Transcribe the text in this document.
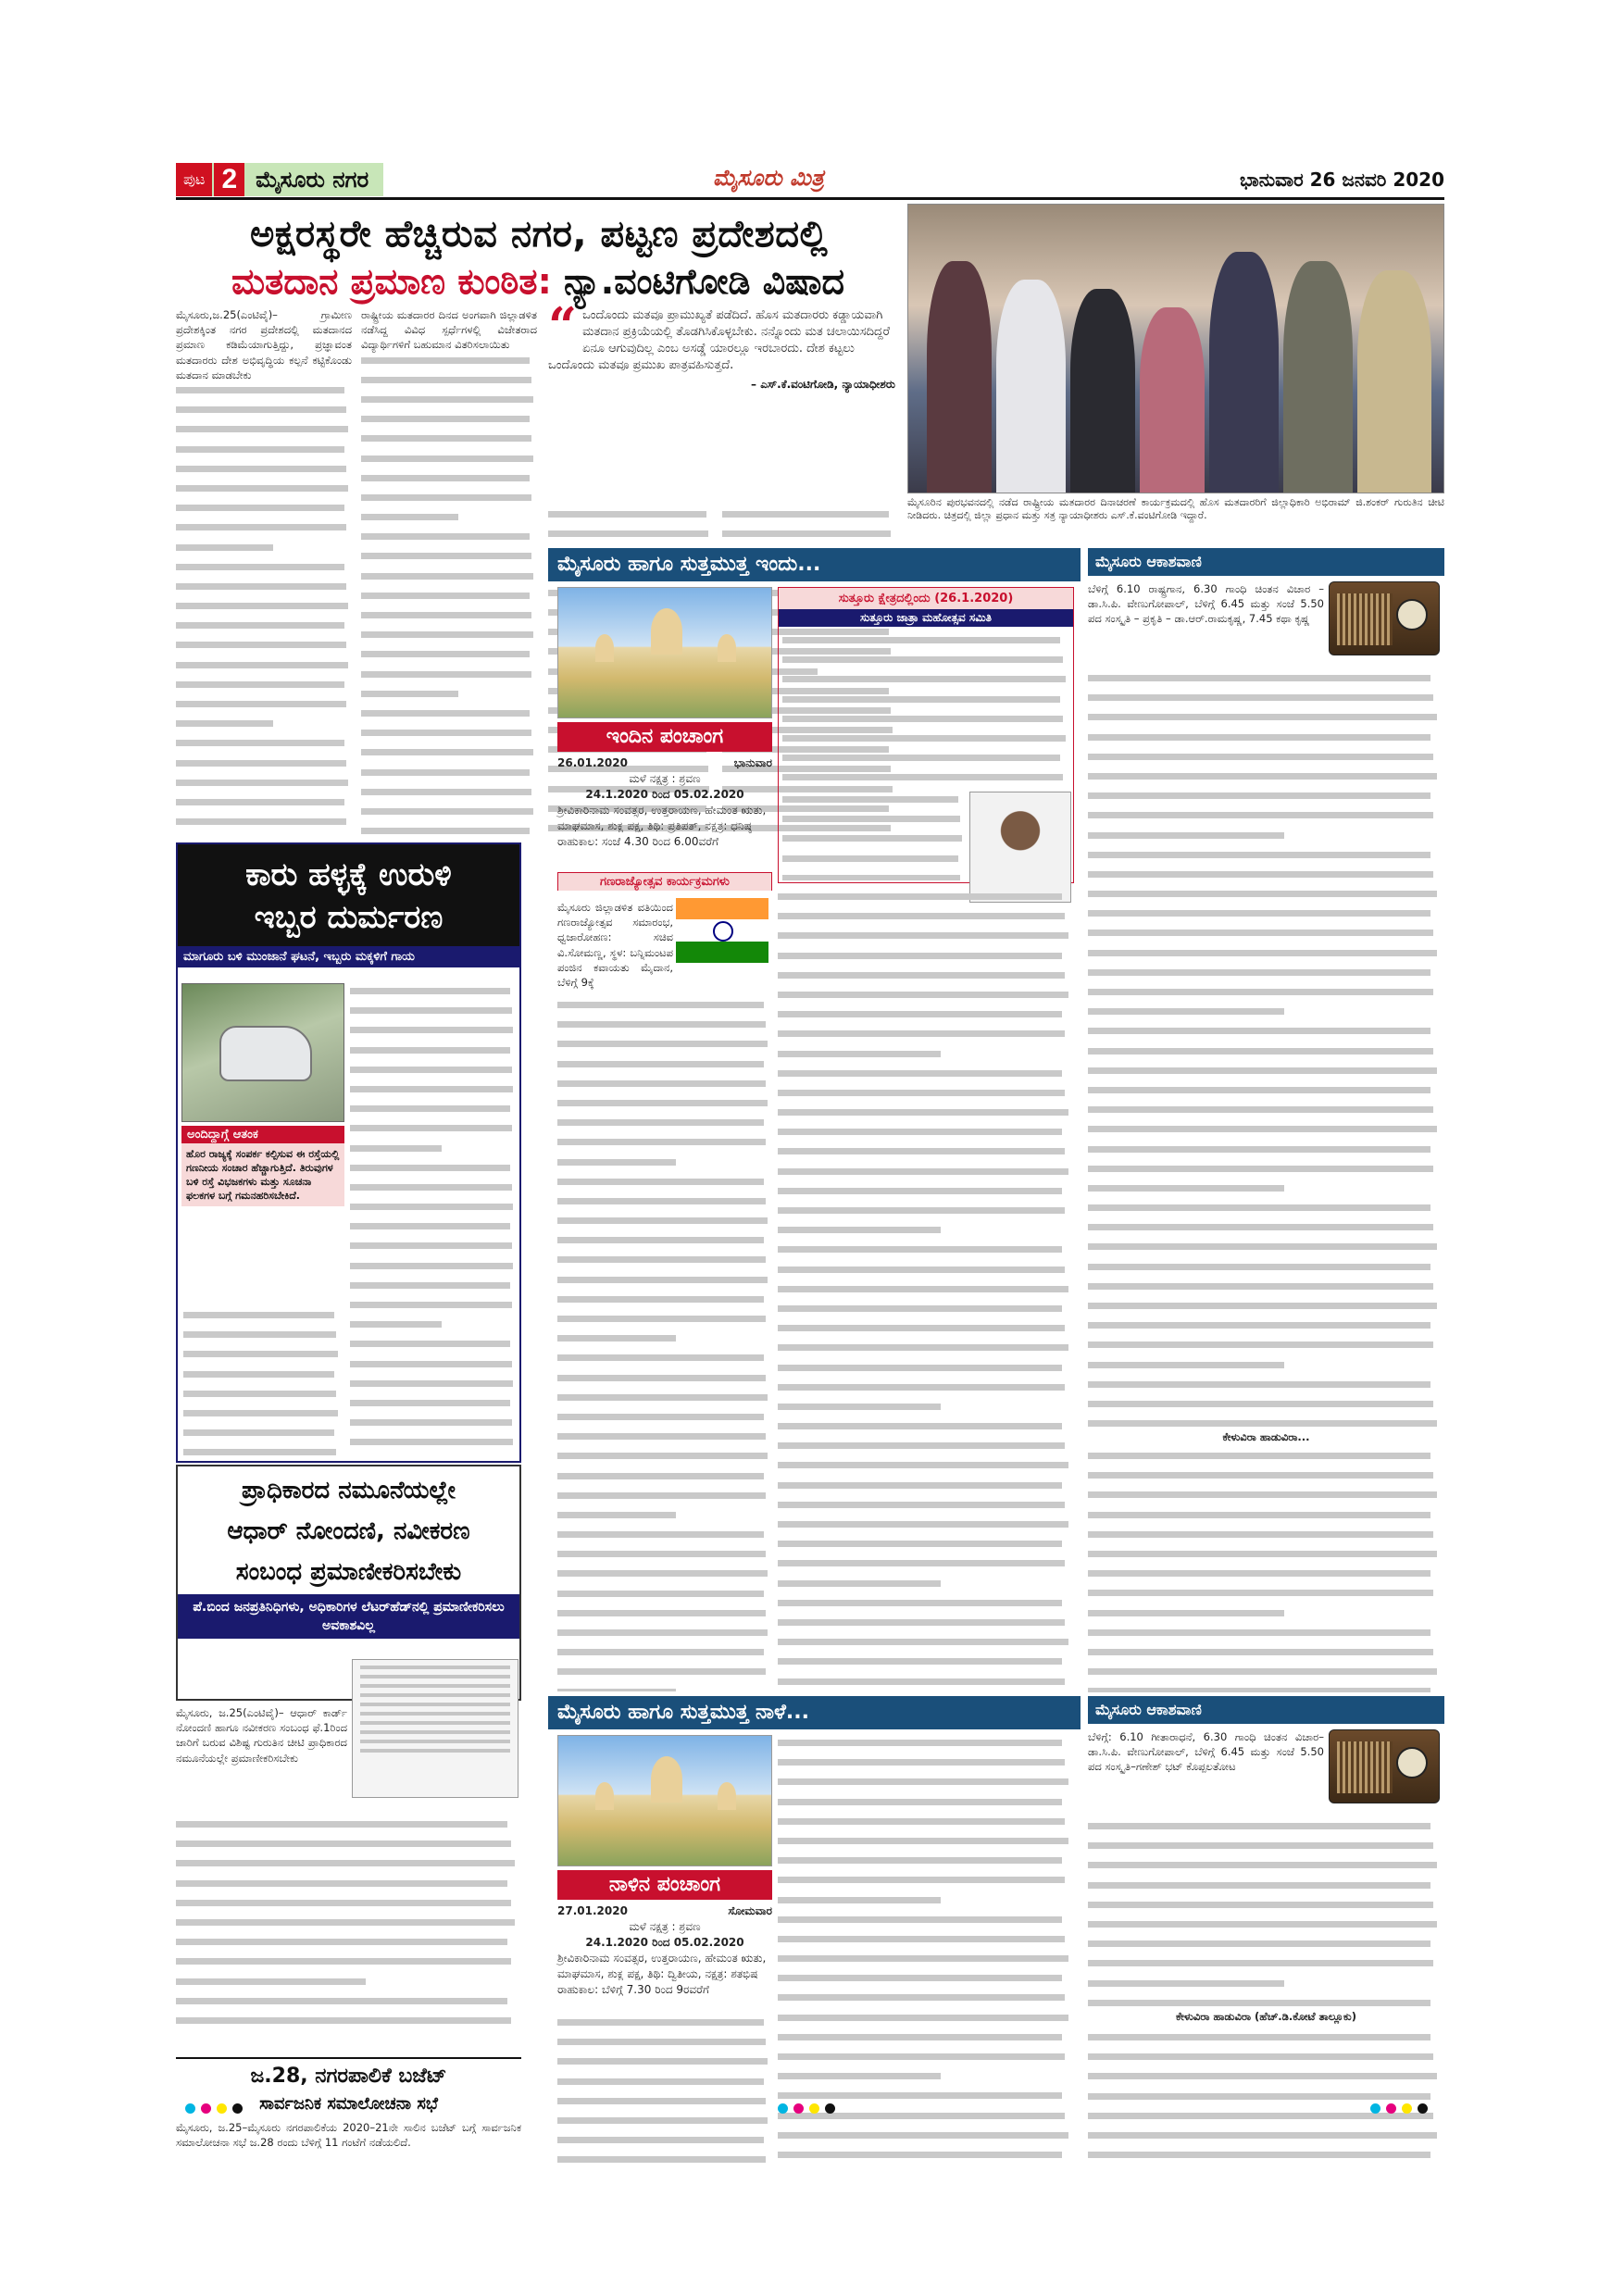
ಪುಟ 2 ಮೈಸೂರು ನಗರ	ಮೈಸೂರು ಮಿತ್ರ	ಭಾನುವಾರ 26 ಜನವರಿ 2020
ಅಕ್ಷರಸ್ಥರೇ ಹೆಚ್ಚಿರುವ ನಗರ, ಪಟ್ಟಣ ಪ್ರದೇಶದಲ್ಲಿ
ಮತದಾನ ಪ್ರಮಾಣ ಕುಂಠಿತ: ನ್ಯಾ.ವಂಟಿಗೋಡಿ ವಿಷಾದ

ಮೈಸೂರು,ಜ.25(ಎಂಟಿವೈ)– ಗ್ರಾಮೀಣ ಪ್ರದೇಶಕ್ಕಿಂತ ನಗರ ಪ್ರದೇಶದಲ್ಲಿ ಮತದಾನದ ಪ್ರಮಾಣ ಕಡಿಮೆಯಾಗುತ್ತಿದ್ದು, ಪ್ರಜ್ಞಾವಂತ ಮತದಾರರು ದೇಶ ಅಭಿವೃದ್ಧಿಯ ಕಲ್ಪನೆ ಕಟ್ಟಿಕೊಂಡು ಮತದಾನ ಮಾಡಬೇಕು

ರಾಷ್ಟ್ರೀಯ ಮತದಾರರ ದಿನದ ಅಂಗವಾಗಿ ಜಿಲ್ಲಾಡಳಿತ ನಡೆಸಿದ್ದ ವಿವಿಧ ಸ್ಪರ್ಧೆಗಳಲ್ಲಿ ವಿಜೇತರಾದ ವಿದ್ಯಾರ್ಥಿಗಳಿಗೆ ಬಹುಮಾನ ವಿತರಿಸಲಾಯಿತು “ ಒಂದೊಂದು ಮತವೂ ಪ್ರಾಮುಖ್ಯತೆ ಪಡೆದಿದೆ. ಹೊಸ ಮತದಾರರು ಕಡ್ಡಾಯವಾಗಿ ಮತದಾನ ಪ್ರಕ್ರಿಯೆಯಲ್ಲಿ ತೊಡಗಿಸಿಕೊಳ್ಳಬೇಕು. ನನ್ನೊಂದು ಮತ ಚಲಾಯಿಸದಿದ್ದರೆ ಏನೂ ಆಗುವುದಿಲ್ಲ ಎಂಬ ಅಸಡ್ಡೆ ಯಾರಲ್ಲೂ ಇರಬಾರದು. ದೇಶ ಕಟ್ಟಲು ಒಂದೊಂದು ಮತವೂ ಪ್ರಮುಖ ಪಾತ್ರವಹಿಸುತ್ತದೆ.

– ಎಸ್.ಕೆ.ವಂಟಿಗೋಡಿ, ನ್ಯಾಯಾಧೀಶರು

ಮೈಸೂರಿನ ಪುರಭವನದಲ್ಲಿ ನಡೆದ ರಾಷ್ಟ್ರೀಯ ಮತದಾರರ ದಿನಾಚರಣೆ ಕಾರ್ಯಕ್ರಮದಲ್ಲಿ ಹೊಸ ಮತದಾರರಿಗೆ ಜಿಲ್ಲಾಧಿಕಾರಿ ಅಭಿರಾಮ್ ಜಿ.ಶಂಕರ್ ಗುರುತಿನ ಚೀಟಿ ನೀಡಿದರು. ಚಿತ್ರದಲ್ಲಿ ಜಿಲ್ಲಾ ಪ್ರಧಾನ ಮತ್ತು ಸತ್ರ ನ್ಯಾಯಾಧೀಶರು ಎಸ್.ಕೆ.ವಂಟಿಗೋಡಿ ಇದ್ದಾರೆ.
ಕಾರು ಹಳ್ಳಕ್ಕೆ ಉರುಳಿ
ಇಬ್ಬರ ದುರ್ಮರಣ
ಮಾಗೂರು ಬಳಿ ಮುಂಜಾನೆ ಘಟನೆ, ಇಬ್ಬರು ಮಕ್ಕಳಿಗೆ ಗಾಯ
ಅಂದಿದ್ದಾಗ್ಗೆ ಆತಂಕ
ಹೊರ ರಾಜ್ಯಕ್ಕೆ ಸಂಪರ್ಕ ಕಲ್ಪಿಸುವ ಈ ರಸ್ತೆಯಲ್ಲಿ ಗಣನೀಯ ಸಂಚಾರ ಹೆಚ್ಚಾಗುತ್ತಿದೆ. ತಿರುವುಗಳ ಬಳಿ ರಸ್ತೆ ವಿಭಜಕಗಳು ಮತ್ತು ಸೂಚನಾ ಫಲಕಗಳ ಬಗ್ಗೆ ಗಮನಹರಿಸಬೇಕಿದೆ.
ಪ್ರಾಧಿಕಾರದ ನಮೂನೆಯಲ್ಲೇ
ಆಧಾರ್ ನೋಂದಣಿ, ನವೀಕರಣ
ಸಂಬಂಧ ಪ್ರಮಾಣೀಕರಿಸಬೇಕು
ಪೆ.ಬಿಂದ ಜನಪ್ರತಿನಿಧಿಗಳು, ಅಧಿಕಾರಿಗಳ ಲೆಟರ್‌ಹೆಡ್‌ನಲ್ಲಿ ಪ್ರಮಾಣೀಕರಿಸಲು ಅವಕಾಶವಿಲ್ಲ

ಮೈಸೂರು, ಜ.25(ಎಂಟಿವೈ)– ಆಧಾರ್ ಕಾರ್ಡ್ ನೋಂದಣಿ ಹಾಗೂ ನವೀಕರಣ ಸಂಬಂಧ ಫೆ.1ರಿಂದ ಜಾರಿಗೆ ಬರುವ ವಿಶಿಷ್ಟ ಗುರುತಿನ ಚೀಟಿ ಪ್ರಾಧಿಕಾರದ ನಮೂನೆಯಲ್ಲೇ ಪ್ರಮಾಣೀಕರಿಸಬೇಕು

ಜ.28, ನಗರಪಾಲಿಕೆ ಬಜೆಟ್
ಸಾರ್ವಜನಿಕ ಸಮಾಲೋಚನಾ ಸಭೆ

ಮೈಸೂರು, ಜ.25–ಮೈಸೂರು ನಗರಪಾಲಿಕೆಯ 2020–21ನೇ ಸಾಲಿನ ಬಜೆಟ್ ಬಗ್ಗೆ ಸಾರ್ವಜನಿಕ ಸಮಾಲೋಚನಾ ಸಭೆ ಜ.28 ರಂದು ಬೆಳಿಗ್ಗೆ 11 ಗಂಟೆಗೆ ನಡೆಯಲಿದೆ.

ಮೈಸೂರು ಹಾಗೂ ಸುತ್ತಮುತ್ತ ಇಂದು...
ಇಂದಿನ ಪಂಚಾಂಗ
26.01.2020	ಭಾನುವಾರ
ಮಳೆ ನಕ್ಷತ್ರ : ಶ್ರವಣ
24.1.2020 ರಿಂದ 05.02.2020
ಶ್ರೀವಿಕಾರಿನಾಮ ಸಂವತ್ಸರ, ಉತ್ತರಾಯಣ, ಹೇಮಂತ ಋತು, ಮಾಘಮಾಸ, ಶುಕ್ಲ ಪಕ್ಷ, ತಿಥಿ: ಪ್ರತಿಪತ್, ನಕ್ಷತ್ರ: ಧನಿಷ್ಠ
ರಾಹುಕಾಲ: ಸಂಜೆ 4.30 ರಿಂದ 6.00ವರೆಗೆ
ಗಣರಾಜ್ಯೋತ್ಸವ ಕಾರ್ಯಕ್ರಮಗಳು

ಮೈಸೂರು ಜಿಲ್ಲಾಡಳಿತ ವತಿಯಿಂದ ಗಣರಾಜ್ಯೋತ್ಸವ ಸಮಾರಂಭ, ಧ್ವಜಾರೋಹಣ: ಸಚಿವ ವಿ.ಸೋಮಣ್ಣ, ಸ್ಥಳ: ಬನ್ನಿಮಂಟಪ ಪಂಜಿನ ಕವಾಯತು ಮೈದಾನ, ಬೆಳಿಗ್ಗೆ 9ಕ್ಕೆ

ಸುತ್ತೂರು ಕ್ಷೇತ್ರದಲ್ಲಿಂದು (26.1.2020)
ಸುತ್ತೂರು ಜಾತ್ರಾ ಮಹೋತ್ಸವ ಸಮಿತಿ
ಮೈಸೂರು ಆಕಾಶವಾಣಿ

ಬೆಳಿಗ್ಗೆ 6.10 ರಾಷ್ಟ್ರಗಾನ, 6.30 ಗಾಂಧಿ ಚಿಂತನ ವಿಚಾರ – ಡಾ.ಸಿ.ಪಿ. ವೇಣುಗೋಪಾಲ್, ಬೆಳಿಗ್ಗೆ 6.45 ಮತ್ತು ಸಂಜೆ 5.50 ಪದ ಸಂಸ್ಕೃತಿ – ಪ್ರಕೃತಿ – ಡಾ.ಆರ್.ರಾಮಕೃಷ್ಣ, 7.45 ಕಥಾ ಕೃಷ್ಣ

ಕೇಳುವಿರಾ ಹಾಡುವಿರಾ...
ಮೈಸೂರು ಹಾಗೂ ಸುತ್ತಮುತ್ತ ನಾಳೆ...
ನಾಳಿನ ಪಂಚಾಂಗ
27.01.2020	ಸೋಮವಾರ
ಮಳೆ ನಕ್ಷತ್ರ : ಶ್ರವಣ
24.1.2020 ರಿಂದ 05.02.2020
ಶ್ರೀವಿಕಾರಿನಾಮ ಸಂವತ್ಸರ, ಉತ್ತರಾಯಣ, ಹೇಮಂತ ಋತು, ಮಾಘಮಾಸ, ಶುಕ್ಲ ಪಕ್ಷ, ತಿಥಿ: ದ್ವಿತೀಯ, ನಕ್ಷತ್ರ: ಶತಭಿಷ
ರಾಹುಕಾಲ: ಬೆಳಿಗ್ಗೆ 7.30 ರಿಂದ 9ರವರೆಗೆ
ಮೈಸೂರು ಆಕಾಶವಾಣಿ

ಬೆಳಿಗ್ಗೆ: 6.10 ಗೀತಾರಾಧನೆ, 6.30 ಗಾಂಧಿ ಚಿಂತನ ವಿಚಾರ–ಡಾ.ಸಿ.ಪಿ. ವೇಣುಗೋಪಾಲ್, ಬೆಳಿಗ್ಗೆ 6.45 ಮತ್ತು ಸಂಜೆ 5.50 ಪದ ಸಂಸ್ಕೃತಿ–ಗಣೇಶ್ ಭಟ್ ಕೊಪ್ಪಲತೋಟ

ಕೇಳುವಿರಾ ಹಾಡುವಿರಾ (ಹೆಚ್.ಡಿ.ಕೋಟೆ ತಾಲ್ಲೂಕು)
